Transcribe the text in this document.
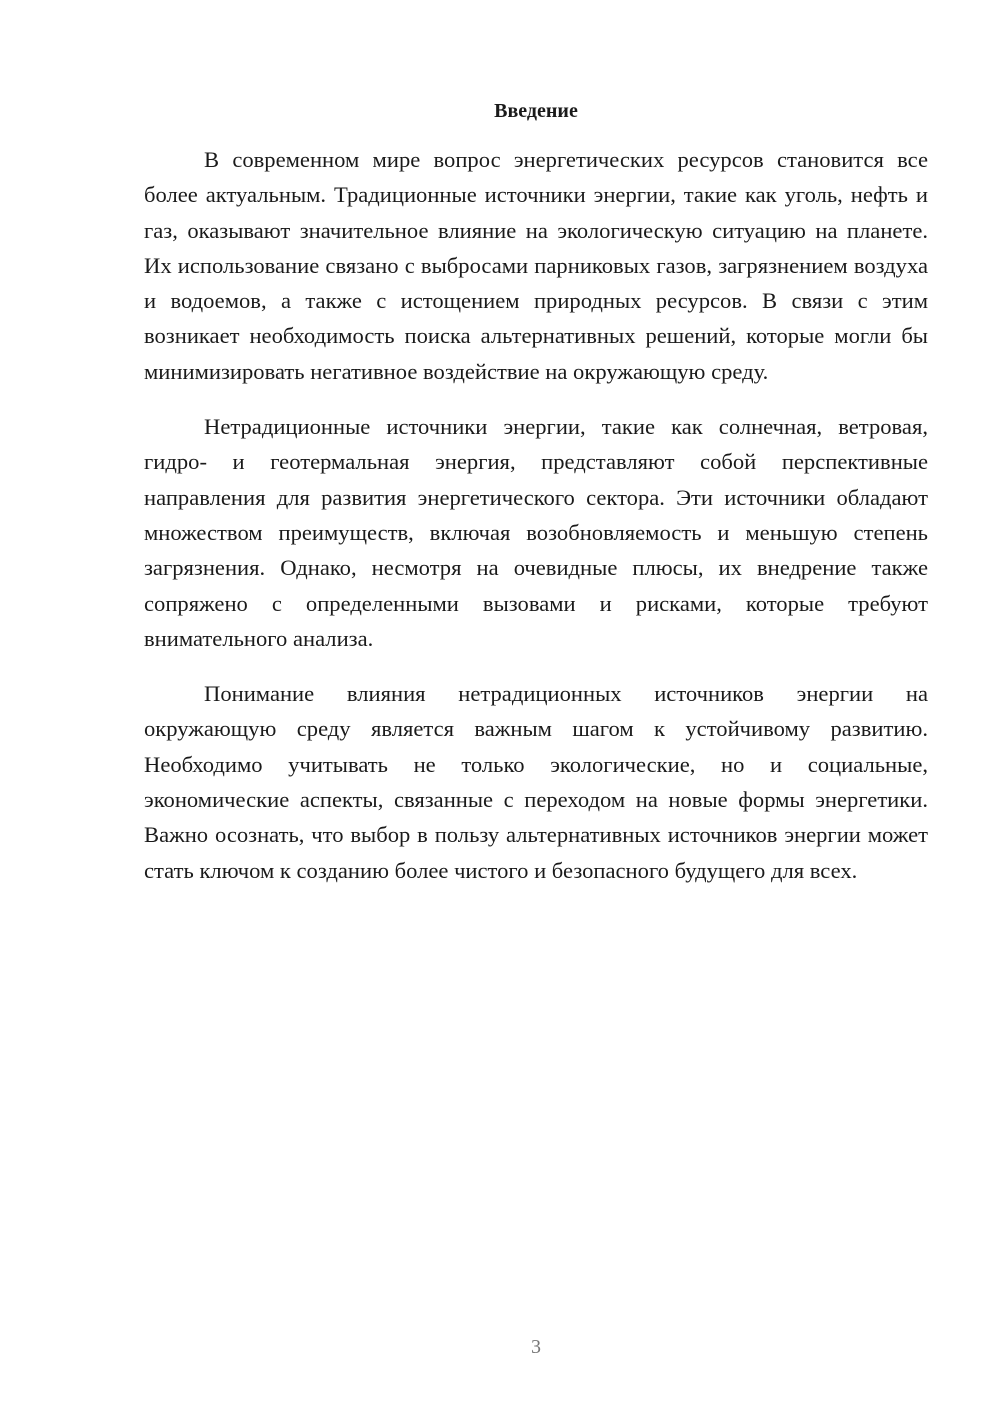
Введение

В современном мире вопрос энергетических ресурсов становится все более актуальным. Традиционные источники энергии, такие как уголь, нефть и газ, оказывают значительное влияние на экологическую ситуацию на планете. Их использование связано с выбросами парниковых газов, загрязнением воздуха и водоемов, а также с истощением природных ресурсов. В связи с этим возникает необходимость поиска альтернативных решений, которые могли бы минимизировать негативное воздействие на окружающую среду.

Нетрадиционные источники энергии, такие как солнечная, ветровая, гидро- и геотермальная энергия, представляют собой перспективные направления для развития энергетического сектора. Эти источники обладают множеством преимуществ, включая возобновляемость и меньшую степень загрязнения. Однако, несмотря на очевидные плюсы, их внедрение также сопряжено с определенными вызовами и рисками, которые требуют внимательного анализа.

Понимание влияния нетрадиционных источников энергии на окружающую среду является важным шагом к устойчивому развитию. Необходимо учитывать не только экологические, но и социальные, экономические аспекты, связанные с переходом на новые формы энергетики. Важно осознать, что выбор в пользу альтернативных источников энергии может стать ключом к созданию более чистого и безопасного будущего для всех.

3
